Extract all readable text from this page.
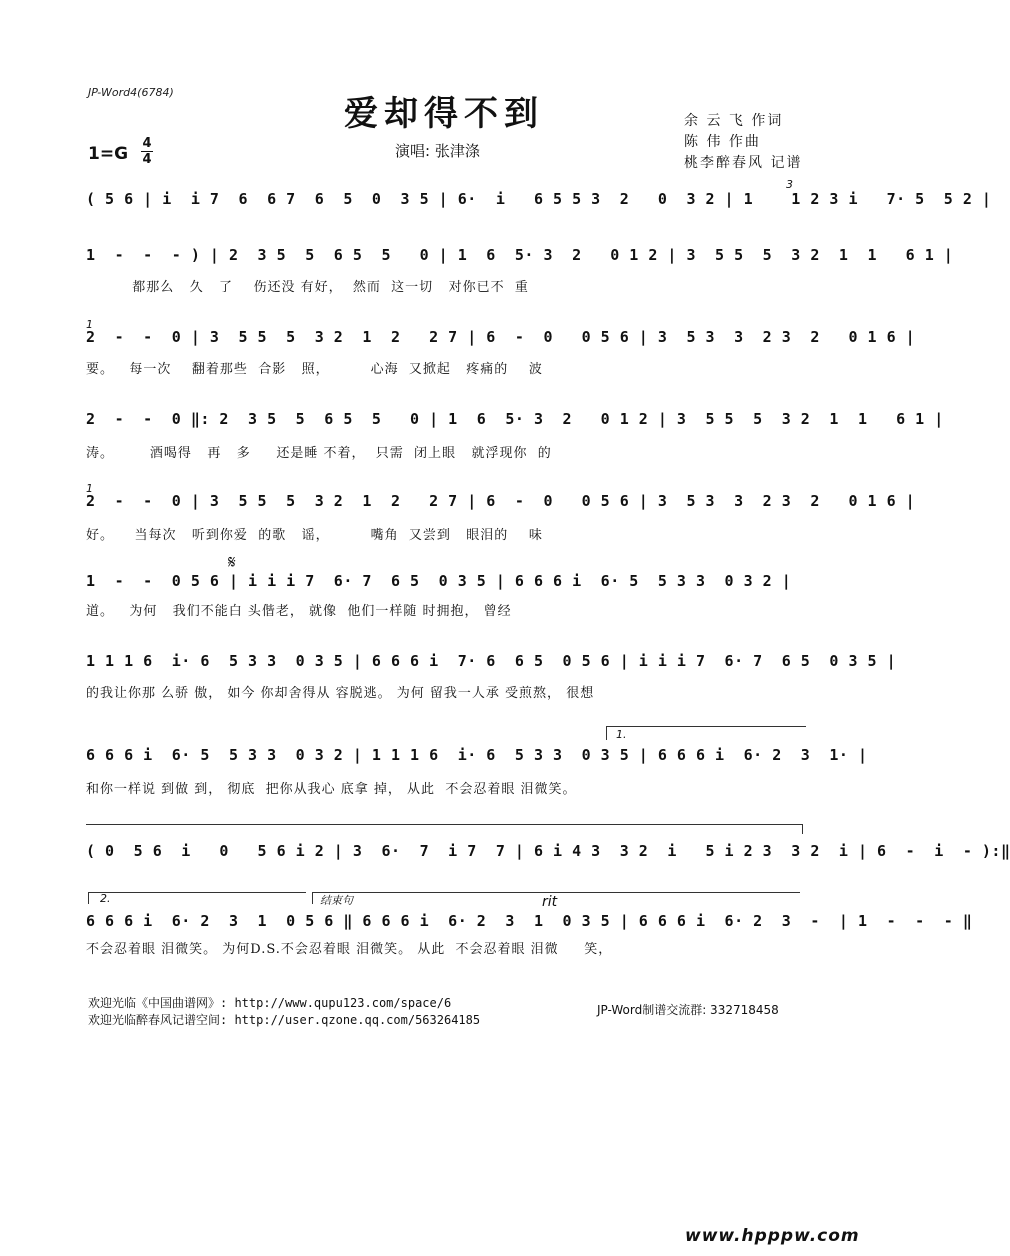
JP-Word4(6784)
爱却得不到
1=G
4
4	演唱: 张津涤
余 云 飞 作词
陈 伟 作曲
桃李醉春风 记谱
( 5 6 | i  i 7  6  6 7  6  5  0  3 5 | 6·  i   6 5 5 3  2   0  3 2 | 1    1 2 3 i   7· 5  5 2 |
3
1  -  -  - ) | 2  3 5  5  6 5  5   0 | 1  6  5· 3  2   0 1 2 | 3  5 5  5  3 2  1  1   6 1 |
都那么   久   了    伤还没 有好，  然而  这一切   对你已不  重
1
2  -  -  0 | 3  5 5  5  3 2  1  2   2 7 | 6  -  0   0 5 6 | 3  5 3  3  2 3  2   0 1 6 |
要。   每一次    翻着那些  合影   照，        心海  又掀起   疼痛的    波
2  -  -  0 ‖: 2  3 5  5  6 5  5   0 | 1  6  5· 3  2   0 1 2 | 3  5 5  5  3 2  1  1   6 1 |
涛。       酒喝得   再   多     还是睡 不着，  只需  闭上眼   就浮现你  的
1
2  -  -  0 | 3  5 5  5  3 2  1  2   2 7 | 6  -  0   0 5 6 | 3  5 3  3  2 3  2   0 1 6 |
好。    当每次   听到你爱  的歌   谣，        嘴角  又尝到   眼泪的    味
𝄋
1  -  -  0 5 6 | i i i 7  6· 7  6 5  0 3 5 | 6 6 6 i  6· 5  5 3 3  0 3 2 |
道。   为何   我们不能白 头偕老， 就像  他们一样随 时拥抱， 曾经
1 1 1 6  i· 6  5 3 3  0 3 5 | 6 6 6 i  7· 6  6 5  0 5 6 | i i i 7  6· 7  6 5  0 3 5 |
的我让你那 么骄 傲， 如今 你却舍得从 容脱逃。 为何 留我一人承 受煎熬， 很想
1.
6 6 6 i  6· 5  5 3 3  0 3 2 | 1 1 1 6  i· 6  5 3 3  0 3 5 | 6 6 6 i  6· 2  3  1· |
和你一样说 到做 到， 彻底  把你从我心 底拿 掉， 从此  不会忍着眼 泪微笑。
( 0  5 6  i   0   5 6 i 2 | 3  6·  7  i 7  7 | 6 i 4 3  3 2  i   5 i 2 3  3 2  i | 6  -  i  - ):‖
2.	结束句	rit
6 6 6 i  6· 2  3  1  0 5 6 ‖ 6 6 6 i  6· 2  3  1  0 3 5 | 6 6 6 i  6· 2  3  -  | 1  -  -  - ‖
不会忍着眼 泪微笑。 为何D.S.不会忍着眼 泪微笑。 从此  不会忍着眼 泪微     笑，
欢迎光临《中国曲谱网》: http://www.qupu123.com/space/6
欢迎光临醉春风记谱空间: http://user.qzone.qq.com/563264185
JP-Word制谱交流群: 332718458
www.hpppw.com
